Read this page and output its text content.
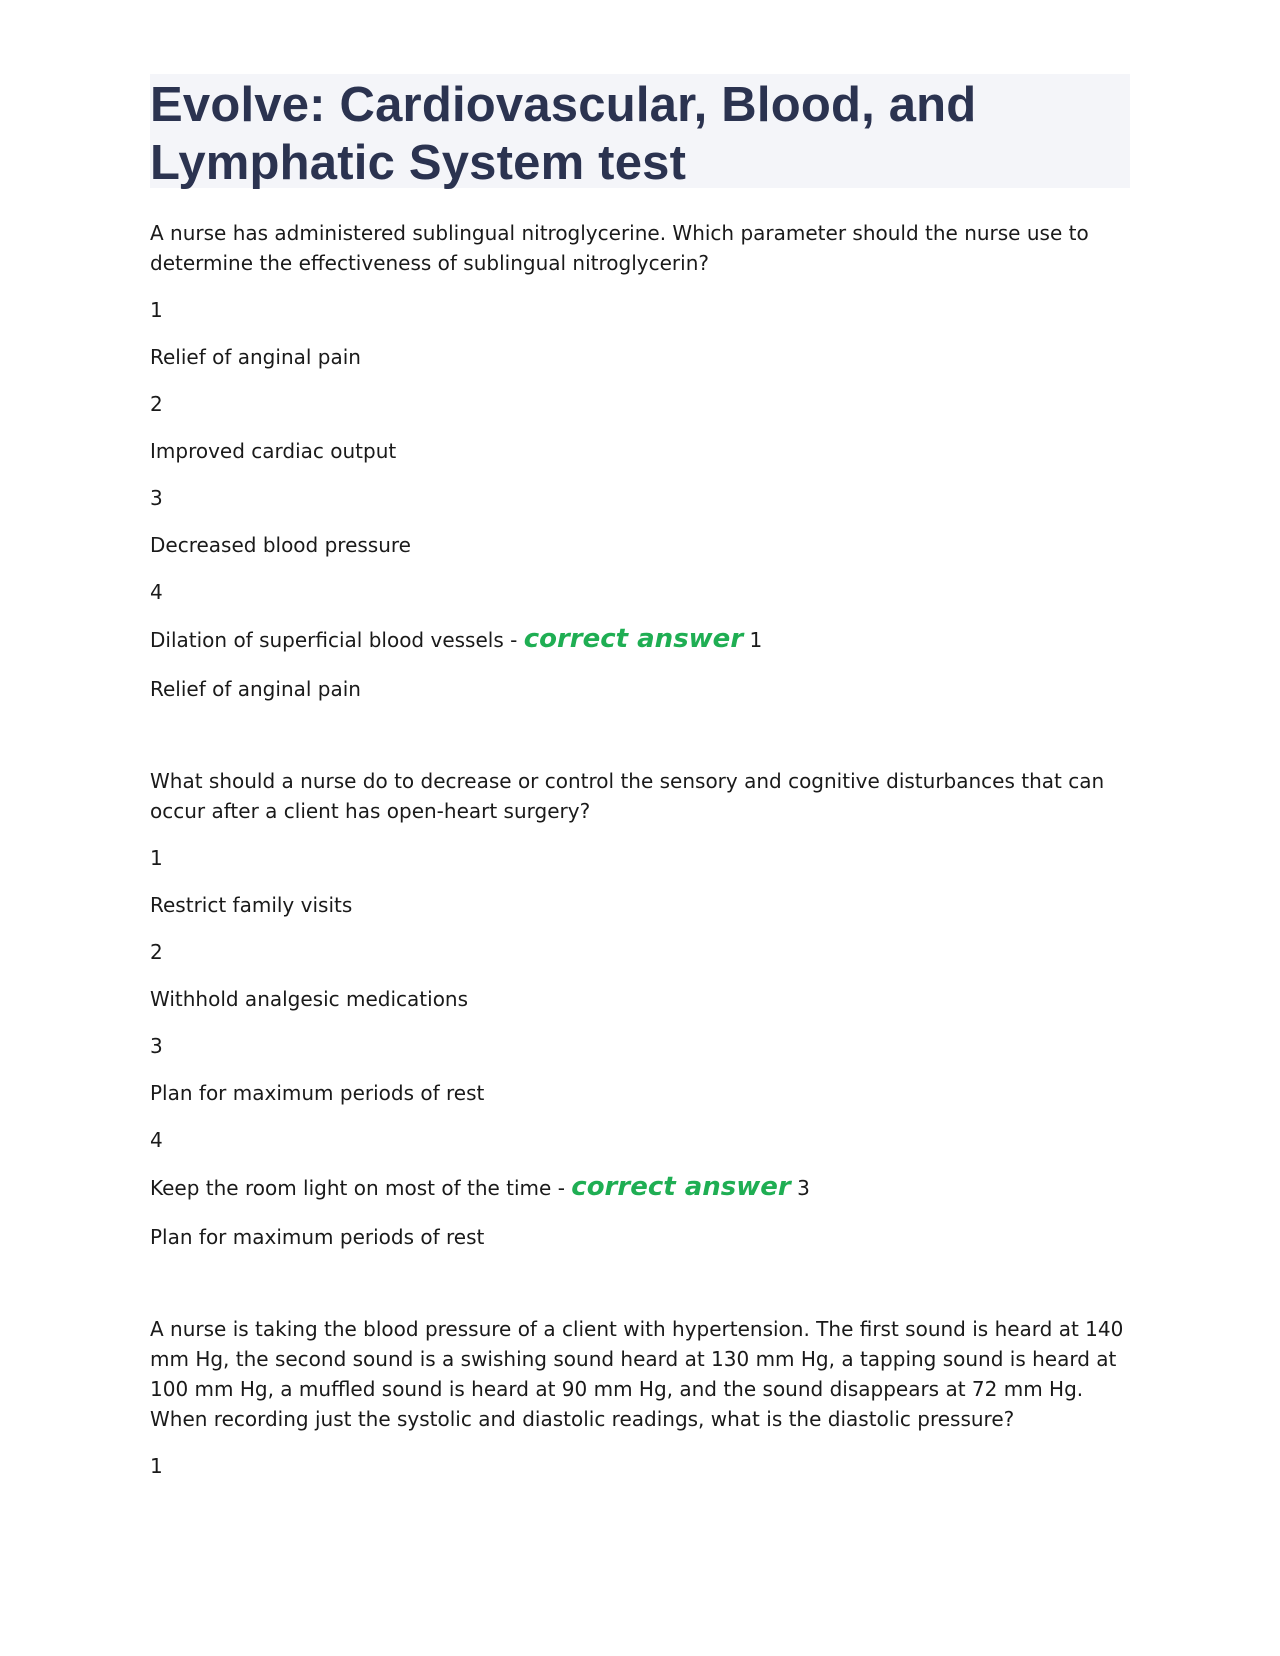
Evolve: Cardiovascular, Blood, and Lymphatic System test

A nurse has administered sublingual nitroglycerine. Which parameter should the nurse use to determine the effectiveness of sublingual nitroglycerin?

1

Relief of anginal pain

2

Improved cardiac output

3

Decreased blood pressure

4

Dilation of superficial blood vessels - correct answer 1

Relief of anginal pain

What should a nurse do to decrease or control the sensory and cognitive disturbances that can occur after a client has open-heart surgery?

1

Restrict family visits

2

Withhold analgesic medications

3

Plan for maximum periods of rest

4

Keep the room light on most of the time - correct answer 3

Plan for maximum periods of rest

A nurse is taking the blood pressure of a client with hypertension. The first sound is heard at 140 mm Hg, the second sound is a swishing sound heard at 130 mm Hg, a tapping sound is heard at 100 mm Hg, a muffled sound is heard at 90 mm Hg, and the sound disappears at 72 mm Hg. When recording just the systolic and diastolic readings, what is the diastolic pressure?

1
